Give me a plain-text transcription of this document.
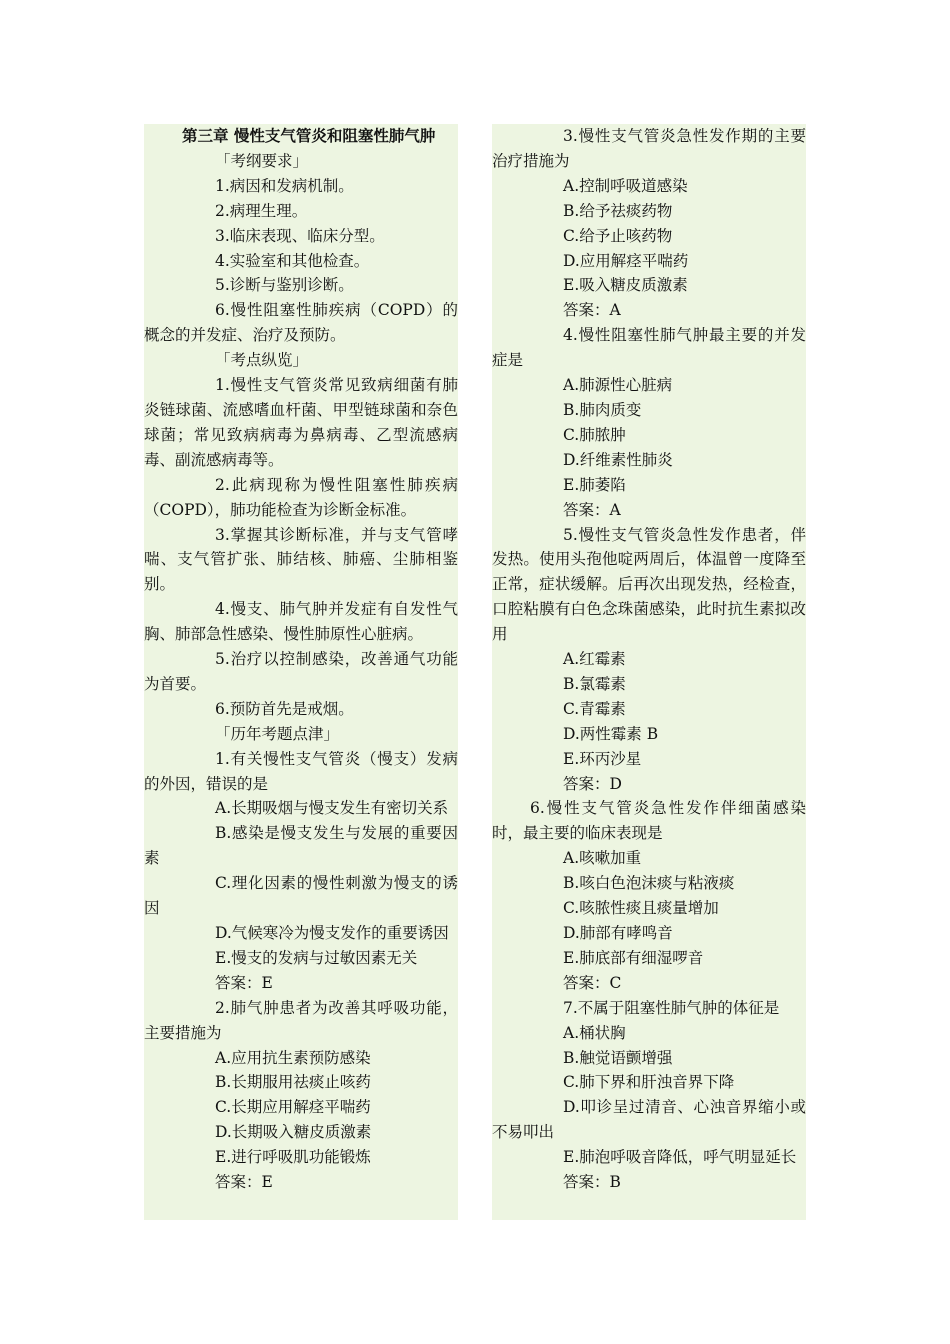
第三章 慢性支气管炎和阻塞性肺气肿

「考纲要求」

1.病因和发病机制。

2.病理生理。

3.临床表现、临床分型。

4.实验室和其他检查。

5.诊断与鉴别诊断。

6.慢性阻塞性肺疾病（COPD）的概念的并发症、治疗及预防。

「考点纵览」

1.慢性支气管炎常见致病细菌有肺炎链球菌、流感嗜血杆菌、甲型链球菌和奈色球菌；常见致病病毒为鼻病毒、乙型流感病毒、副流感病毒等。

2.此病现称为慢性阻塞性肺疾病（COPD），肺功能检查为诊断金标准。

3.掌握其诊断标准，并与支气管哮喘、支气管扩张、肺结核、肺癌、尘肺相鉴别。

4.慢支、肺气肿并发症有自发性气胸、肺部急性感染、慢性肺原性心脏病。

5.治疗以控制感染，改善通气功能为首要。

6.预防首先是戒烟。

「历年考题点津」

1.有关慢性支气管炎（慢支）发病的外因，错误的是

A.长期吸烟与慢支发生有密切关系

B.感染是慢支发生与发展的重要因素

C.理化因素的慢性刺激为慢支的诱因

D.气候寒冷为慢支发作的重要诱因

E.慢支的发病与过敏因素无关

答案：E

2.肺气肿患者为改善其呼吸功能，主要措施为

A.应用抗生素预防感染

B.长期服用祛痰止咳药

C.长期应用解痉平喘药

D.长期吸入糖皮质激素

E.进行呼吸肌功能锻炼

答案：E

3.慢性支气管炎急性发作期的主要治疗措施为

A.控制呼吸道感染

B.给予祛痰药物

C.给予止咳药物

D.应用解痉平喘药

E.吸入糖皮质激素

答案：A

4.慢性阻塞性肺气肿最主要的并发症是

A.肺源性心脏病

B.肺肉质变

C.肺脓肿

D.纤维素性肺炎

E.肺萎陷

答案：A

5.慢性支气管炎急性发作患者，伴发热。使用头孢他啶两周后，体温曾一度降至正常，症状缓解。后再次出现发热，经检查，口腔粘膜有白色念珠菌感染，此时抗生素拟改用

A.红霉素

B.氯霉素

C.青霉素

D.两性霉素 B

E.环丙沙星

答案：D

6.慢性支气管炎急性发作伴细菌感染时，最主要的临床表现是

A.咳嗽加重

B.咳白色泡沫痰与粘液痰

C.咳脓性痰且痰量增加

D.肺部有哮鸣音

E.肺底部有细湿啰音

答案：C

7.不属于阻塞性肺气肿的体征是

A.桶状胸

B.触觉语颤增强

C.肺下界和肝浊音界下降

D.叩诊呈过清音、心浊音界缩小或不易叩出

E.肺泡呼吸音降低，呼气明显延长

答案：B
